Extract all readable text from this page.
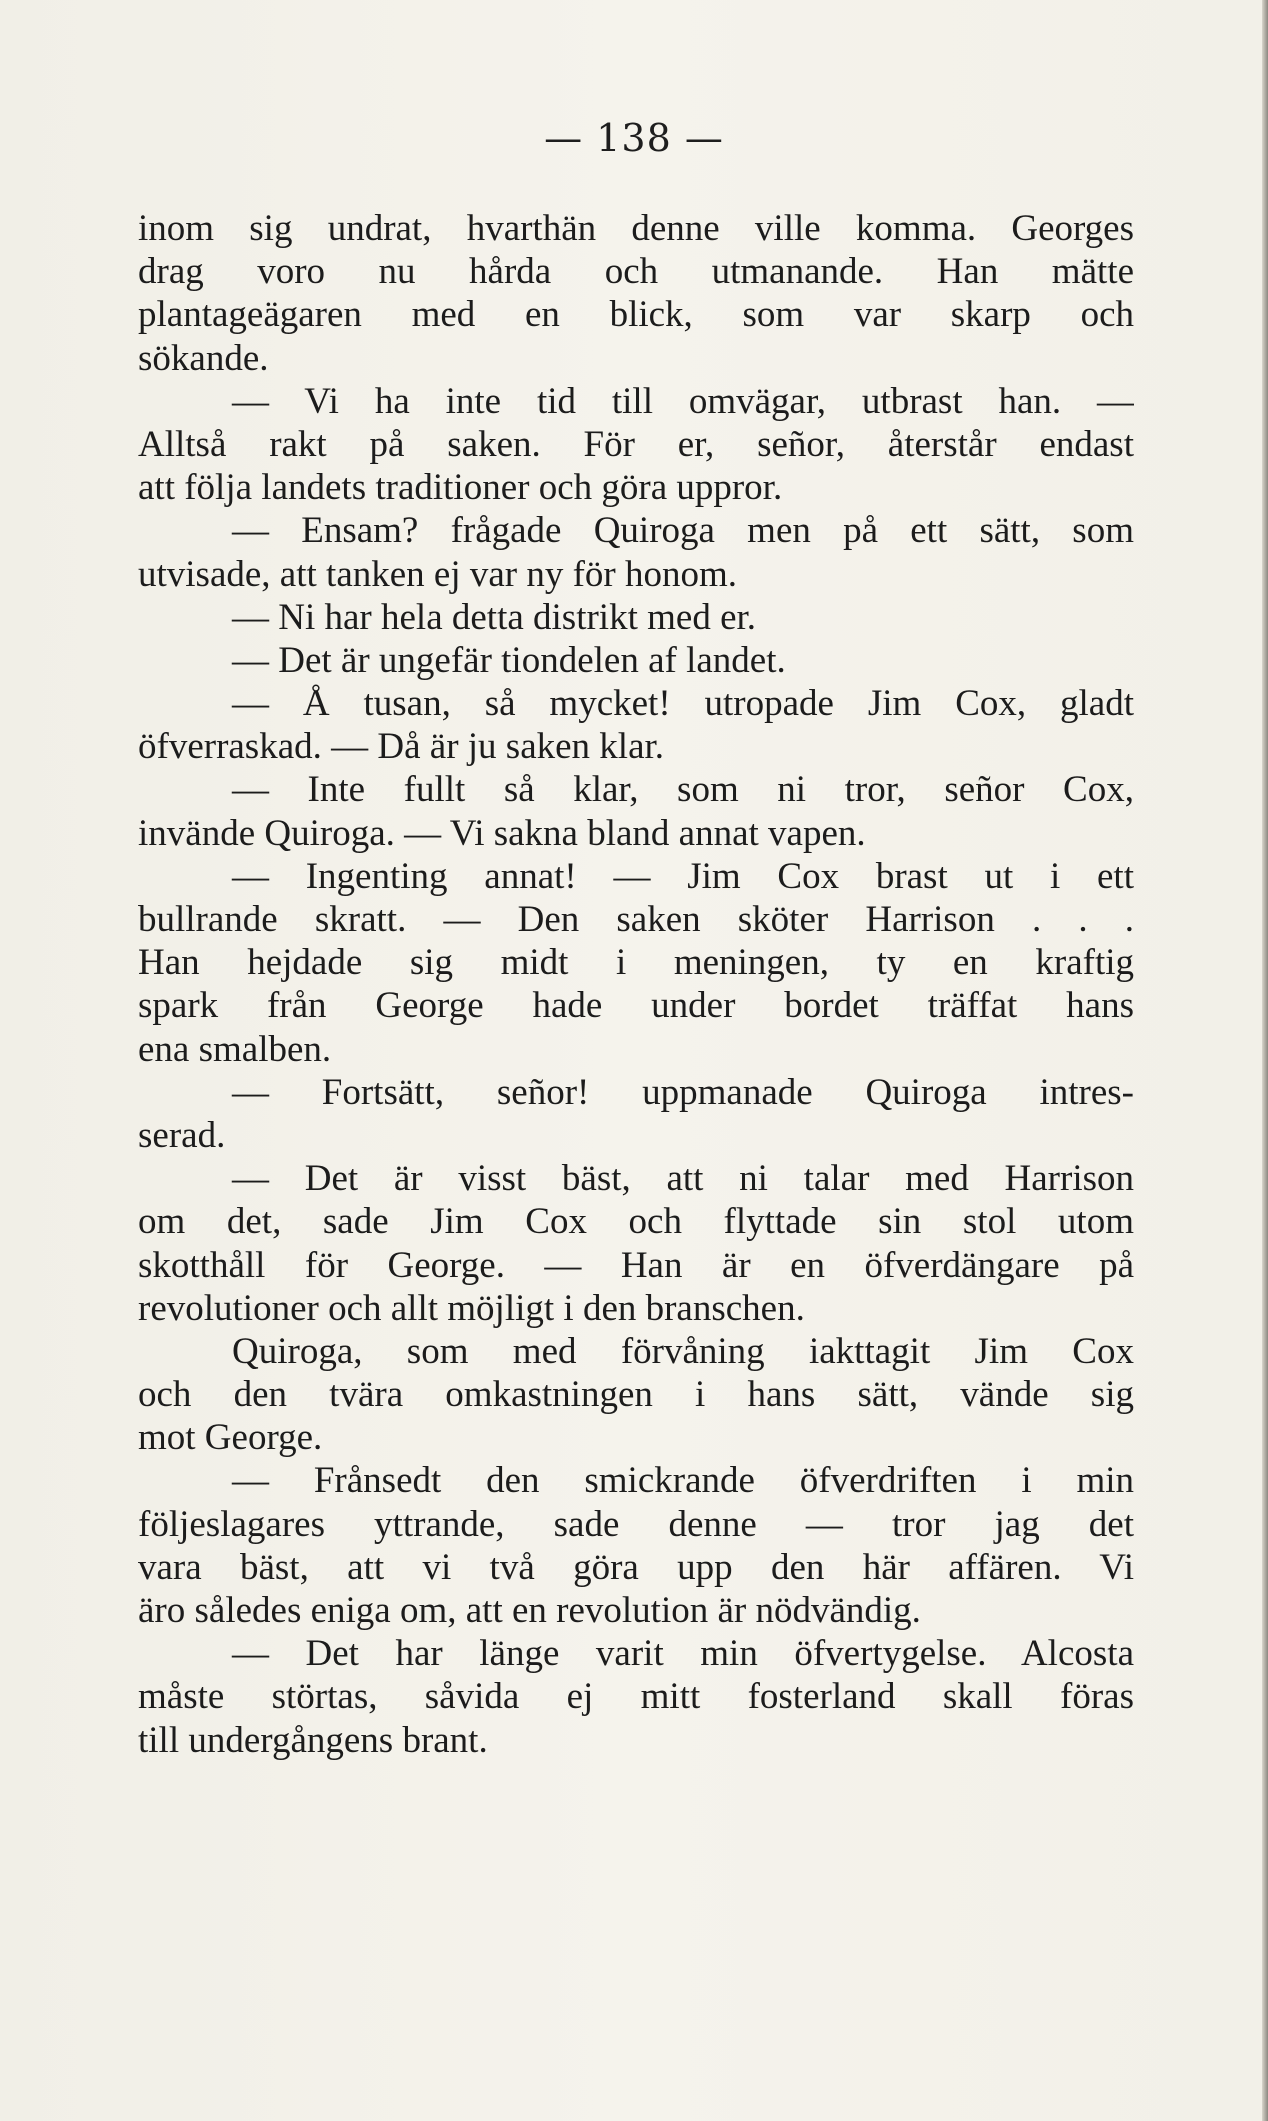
— 138 —
inom sig undrat, hvarthän denne ville komma. Georges
drag voro nu hårda och utmanande. Han mätte
plantageägaren med en blick, som var skarp och
sökande.
— Vi ha inte tid till omvägar, utbrast han. —
Alltså rakt på saken. För er, señor, återstår endast
att följa landets traditioner och göra uppror.
— Ensam? frågade Quiroga men på ett sätt, som
utvisade, att tanken ej var ny för honom.
— Ni har hela detta distrikt med er.
— Det är ungefär tiondelen af landet.
— Å tusan, så mycket! utropade Jim Cox, gladt
öfverraskad. — Då är ju saken klar.
— Inte fullt så klar, som ni tror, señor Cox,
invände Quiroga. — Vi sakna bland annat vapen.
— Ingenting annat! — Jim Cox brast ut i ett
bullrande skratt. — Den saken sköter Harrison . . .
Han hejdade sig midt i meningen, ty en kraftig
spark från George hade under bordet träffat hans
ena smalben.
— Fortsätt, señor! uppmanade Quiroga intres-
serad.
— Det är visst bäst, att ni talar med Harrison
om det, sade Jim Cox och flyttade sin stol utom
skotthåll för George. — Han är en öfverdängare på
revolutioner och allt möjligt i den branschen.
Quiroga, som med förvåning iakttagit Jim Cox
och den tvära omkastningen i hans sätt, vände sig
mot George.
— Frånsedt den smickrande öfverdriften i min
följeslagares yttrande, sade denne — tror jag det
vara bäst, att vi två göra upp den här affären. Vi
äro således eniga om, att en revolution är nödvändig.
— Det har länge varit min öfvertygelse. Alcosta
måste störtas, såvida ej mitt fosterland skall föras
till undergångens brant.
